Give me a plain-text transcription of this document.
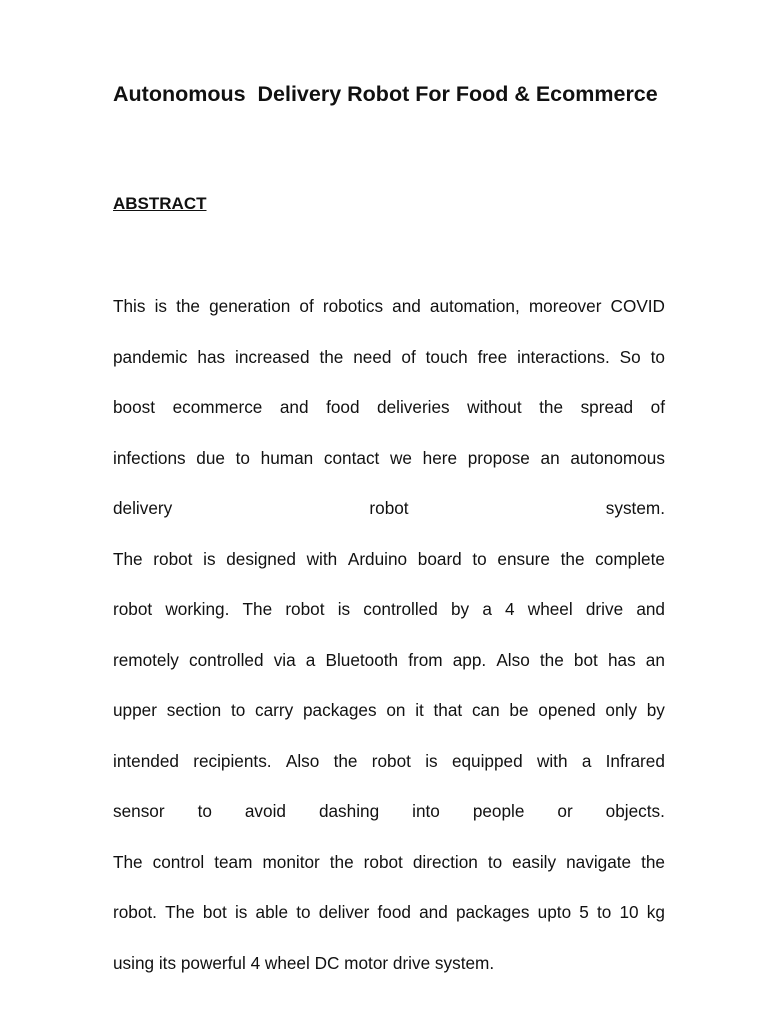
Autonomous  Delivery Robot For Food & Ecommerce
ABSTRACT
This is the generation of robotics and automation, moreover COVID
pandemic has increased the need of touch free interactions. So to
boost ecommerce and food deliveries without the spread of
infections due to human contact we here propose an autonomous
delivery	robot	system.
The robot is designed with Arduino board to ensure the complete
robot working. The robot is controlled by a 4 wheel drive and
remotely controlled via a Bluetooth from app. Also the bot has an
upper section to carry packages on it that can be opened only by
intended recipients. Also the robot is equipped with a Infrared
sensor to avoid dashing into people or objects.
The control team monitor the robot direction to easily navigate the
robot. The bot is able to deliver food and packages upto 5 to 10 kg
using its powerful 4 wheel DC motor drive system.
